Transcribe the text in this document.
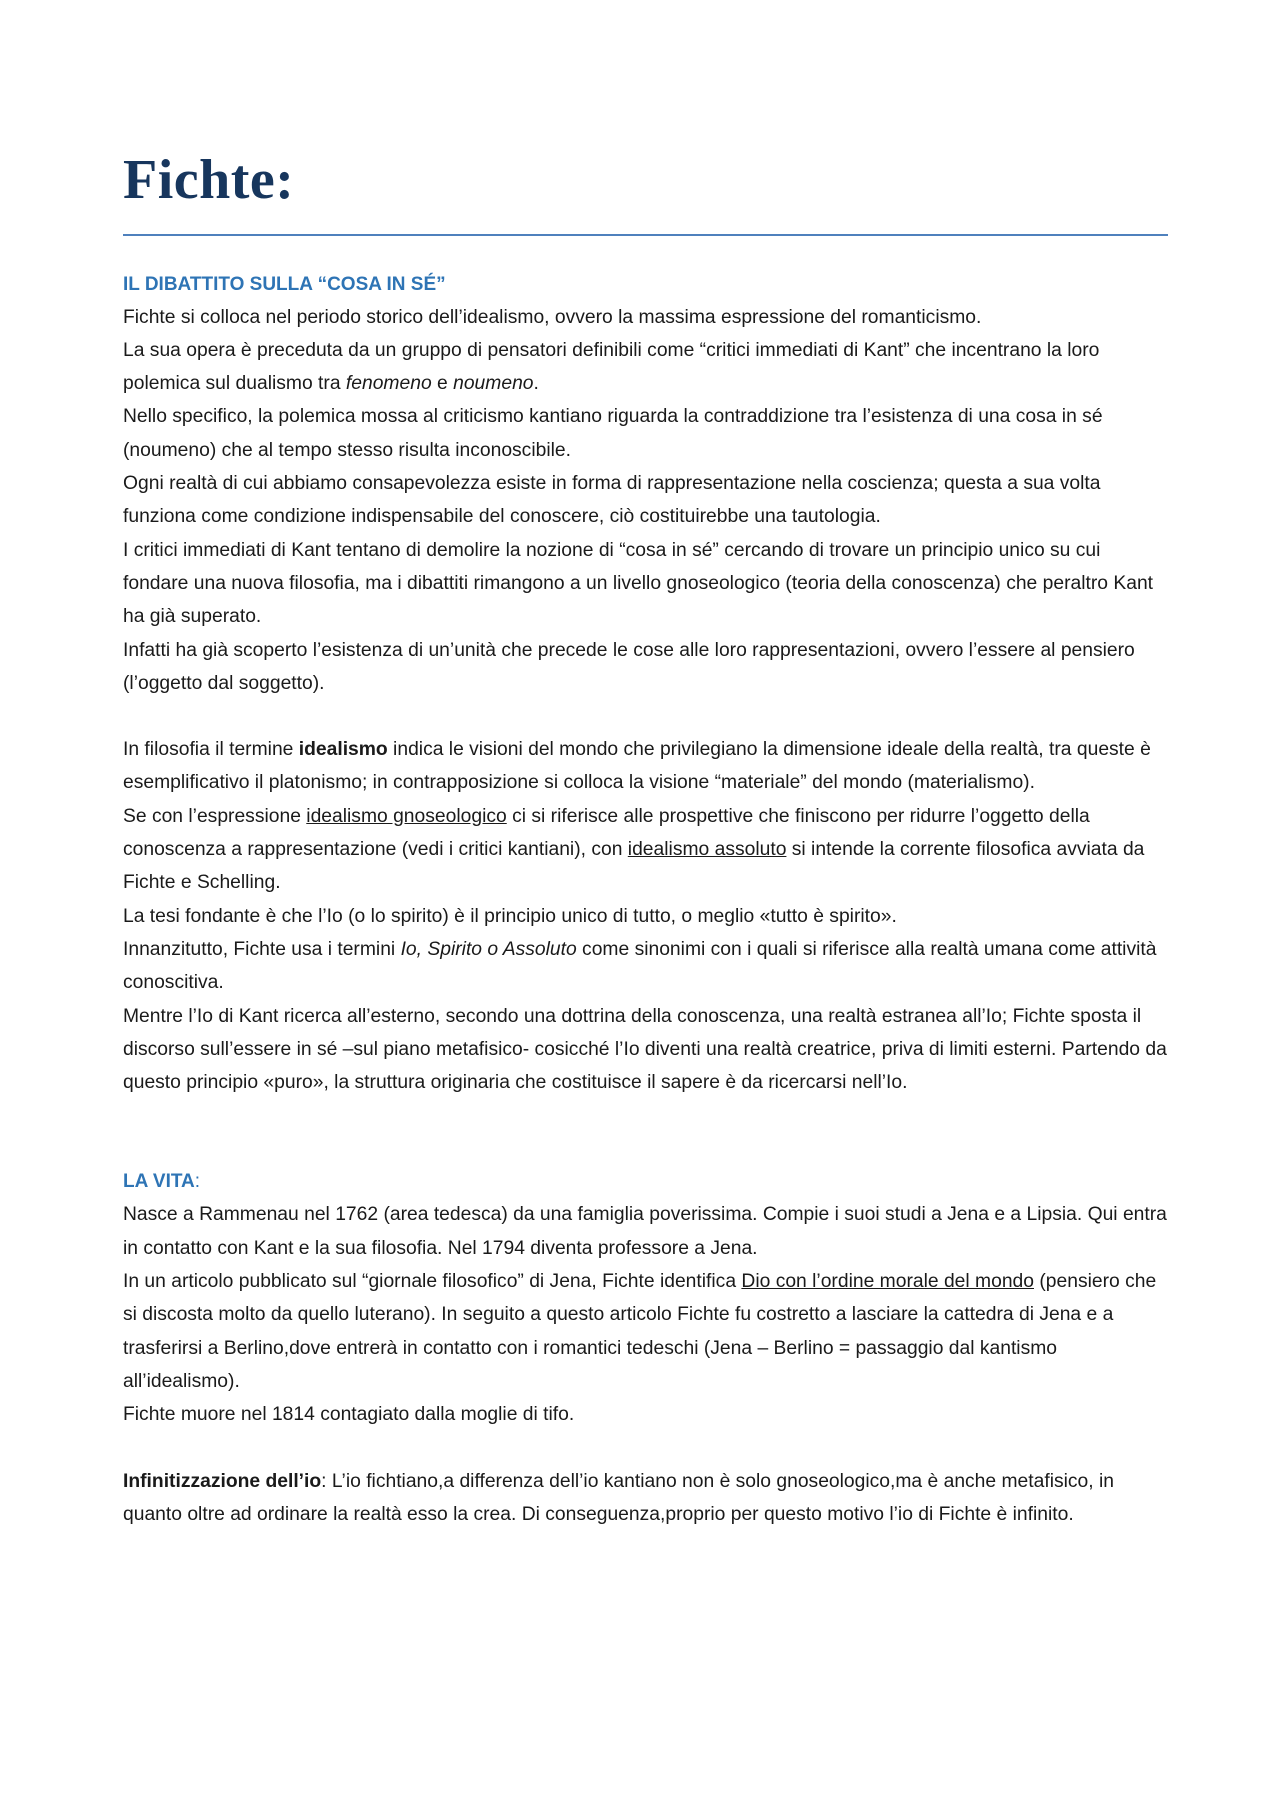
Fichte:
IL DIBATTITO SULLA “COSA IN SÉ”

Fichte si colloca nel periodo storico dell’idealismo, ovvero la massima espressione del romanticismo.

La sua opera è preceduta da un gruppo di pensatori definibili come “critici immediati di Kant” che incentrano la loro polemica sul dualismo tra fenomeno e noumeno.

Nello specifico, la polemica mossa al criticismo kantiano riguarda la contraddizione tra l’esistenza di una cosa in sé (noumeno) che al tempo stesso risulta inconoscibile.

Ogni realtà di cui abbiamo consapevolezza esiste in forma di rappresentazione nella coscienza; questa a sua volta funziona come condizione indispensabile del conoscere, ciò costituirebbe una tautologia.

I critici immediati di Kant tentano di demolire la nozione di “cosa in sé” cercando di trovare un principio unico su cui fondare una nuova filosofia, ma i dibattiti rimangono a un livello gnoseologico (teoria della conoscenza) che peraltro Kant ha già superato.

Infatti ha già scoperto l’esistenza di un’unità che precede le cose alle loro rappresentazioni, ovvero l’essere al pensiero (l’oggetto dal soggetto).

In filosofia il termine idealismo indica le visioni del mondo che privilegiano la dimensione ideale della realtà, tra queste è esemplificativo il platonismo; in contrapposizione si colloca la visione “materiale” del mondo (materialismo).

Se con l’espressione idealismo gnoseologico ci si riferisce alle prospettive che finiscono per ridurre l’oggetto della conoscenza a rappresentazione (vedi i critici kantiani), con idealismo assoluto si intende la corrente filosofica avviata da Fichte e Schelling.

La tesi fondante è che l’Io (o lo spirito) è il principio unico di tutto, o meglio «tutto è spirito».

Innanzitutto, Fichte usa i termini Io, Spirito o Assoluto come sinonimi con i quali si riferisce alla realtà umana come attività conoscitiva.

Mentre l’Io di Kant ricerca all’esterno, secondo una dottrina della conoscenza, una realtà estranea all’Io; Fichte sposta il discorso sull’essere in sé –sul piano metafisico- cosicché l’Io diventi una realtà creatrice, priva di limiti esterni. Partendo da questo principio «puro», la struttura originaria che costituisce il sapere è da ricercarsi nell’Io.

LA VITA:

Nasce a Rammenau nel 1762 (area tedesca) da una famiglia poverissima. Compie i suoi studi a Jena e a Lipsia. Qui entra in contatto con Kant e la sua filosofia. Nel 1794 diventa professore a Jena.

In un articolo pubblicato sul “giornale filosofico” di Jena, Fichte identifica Dio con l’ordine morale del mondo (pensiero che si discosta molto da quello luterano). In seguito a questo articolo Fichte fu costretto a lasciare la cattedra di Jena e a trasferirsi a Berlino,dove entrerà in contatto con i romantici tedeschi (Jena – Berlino = passaggio dal kantismo all’idealismo).

Fichte muore nel 1814 contagiato dalla moglie di tifo.

Infinitizzazione dell’io: L’io fichtiano,a differenza dell’io kantiano non è solo gnoseologico,ma è anche metafisico, in quanto oltre ad ordinare la realtà esso la crea. Di conseguenza,proprio per questo motivo l’io di Fichte è infinito.
